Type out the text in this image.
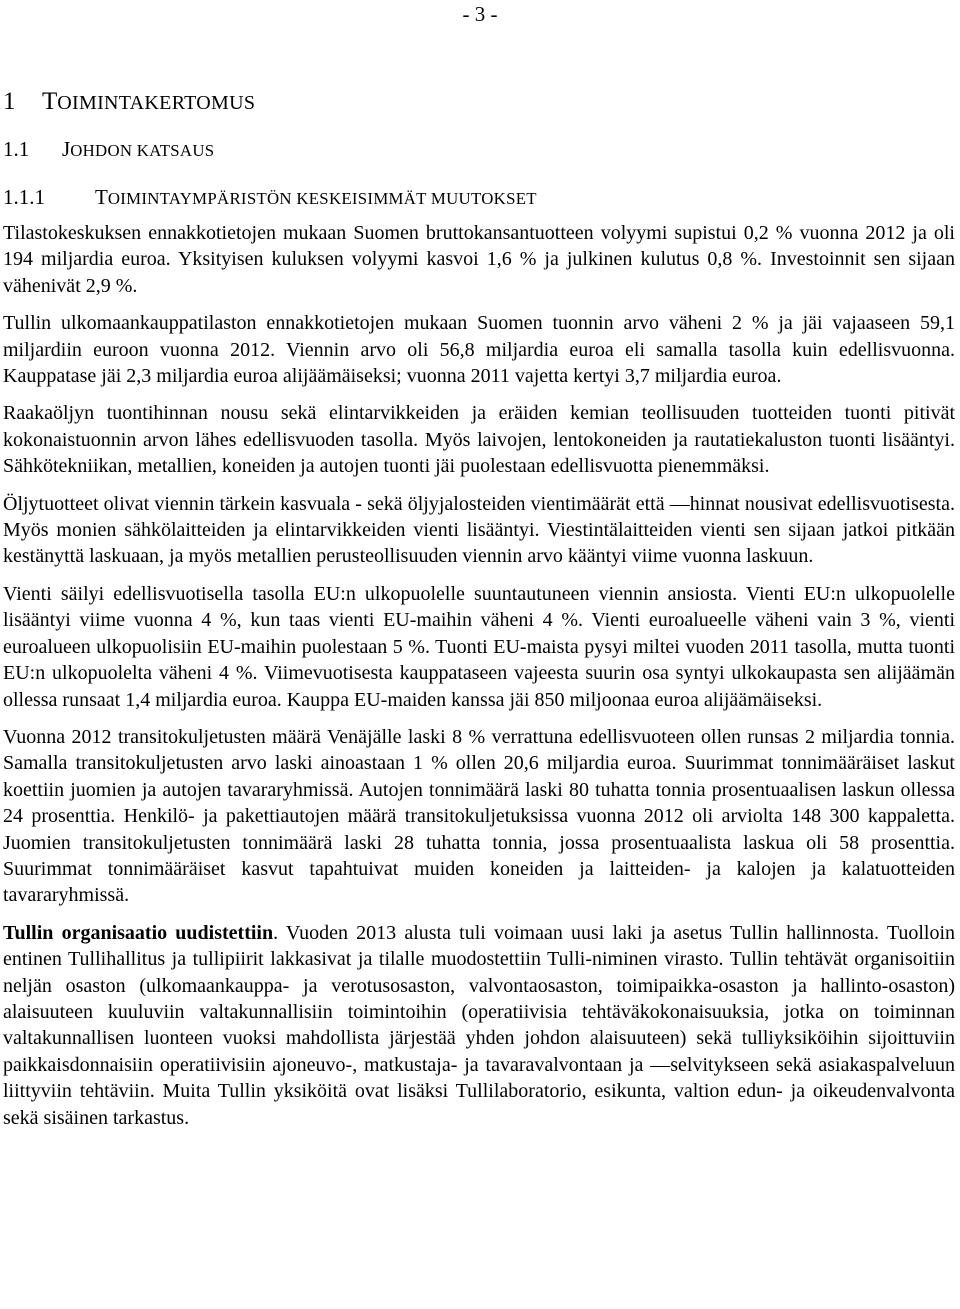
- 3 -

1	TOIMINTAKERTOMUS
1.1	JOHDON KATSAUS
1.1.1	TOIMINTAYMPÄRISTÖN KESKEISIMMÄT MUUTOKSET

Tilastokeskuksen ennakkotietojen mukaan Suomen bruttokansantuotteen volyymi supistui 0,2 % vuonna 2012 ja oli 194 miljardia euroa. Yksityisen kuluksen volyymi kasvoi 1,6 % ja julkinen kulutus 0,8 %. Investoinnit sen sijaan vähenivät 2,9 %.

Tullin ulkomaankauppatilaston ennakkotietojen mukaan Suomen tuonnin arvo väheni 2 % ja jäi vajaaseen 59,1 miljardiin euroon vuonna 2012. Viennin arvo oli 56,8 miljardia euroa eli samalla tasolla kuin edellisvuonna. Kauppatase jäi 2,3 miljardia euroa alijäämäiseksi; vuonna 2011 vajetta kertyi 3,7 miljardia euroa.

Raakaöljyn tuontihinnan nousu sekä elintarvikkeiden ja eräiden kemian teollisuuden tuotteiden tuonti pitivät kokonaistuonnin arvon lähes edellisvuoden tasolla. Myös laivojen, lentokoneiden ja rautatiekaluston tuonti lisääntyi. Sähkötekniikan, metallien, koneiden ja autojen tuonti jäi puolestaan edellisvuotta pienemmäksi.

Öljytuotteet olivat viennin tärkein kasvuala - sekä öljyjalosteiden vientimäärät että —hinnat nousivat edellisvuotisesta. Myös monien sähkölaitteiden ja elintarvikkeiden vienti lisääntyi. Viestintälaitteiden vienti sen sijaan jatkoi pitkään kestänyttä laskuaan, ja myös metallien perusteollisuuden viennin arvo kääntyi viime vuonna laskuun.

Vienti säilyi edellisvuotisella tasolla EU:n ulkopuolelle suuntautuneen viennin ansiosta. Vienti EU:n ulkopuolelle lisääntyi viime vuonna 4 %, kun taas vienti EU-maihin väheni 4 %. Vienti euroalueelle väheni vain 3 %, vienti euroalueen ulkopuolisiin EU-maihin puolestaan 5 %. Tuonti EU-maista pysyi miltei vuoden 2011 tasolla, mutta tuonti EU:n ulkopuolelta väheni 4 %. Viimevuotisesta kauppataseen vajeesta suurin osa syntyi ulkokaupasta sen alijäämän ollessa runsaat 1,4 miljardia euroa. Kauppa EU-maiden kanssa jäi 850 miljoonaa euroa alijäämäiseksi.

Vuonna 2012 transitokuljetusten määrä Venäjälle laski 8 % verrattuna edellisvuoteen ollen runsas 2 miljardia tonnia. Samalla transitokuljetusten arvo laski ainoastaan 1 % ollen 20,6 miljardia euroa. Suurimmat tonnimääräiset laskut koettiin juomien ja autojen tavararyhmissä. Autojen tonnimäärä laski 80 tuhatta tonnia prosentuaalisen laskun ollessa 24 prosenttia. Henkilö- ja pakettiautojen määrä transitokuljetuksissa vuonna 2012 oli arviolta 148 300 kappaletta. Juomien transitokuljetusten tonnimäärä laski 28 tuhatta tonnia, jossa prosentuaalista laskua oli 58 prosenttia. Suurimmat tonnimääräiset kasvut tapahtuivat muiden koneiden ja laitteiden- ja kalojen ja kalatuotteiden tavararyhmissä.

Tullin organisaatio uudistettiin. Vuoden 2013 alusta tuli voimaan uusi laki ja asetus Tullin hallinnosta. Tuolloin entinen Tullihallitus ja tullipiirit lakkasivat ja tilalle muodostettiin Tulli-niminen virasto. Tullin tehtävät organisoitiin neljän osaston (ulkomaankauppa- ja verotusosaston, valvontaosaston, toimipaikka-osaston ja hallinto-osaston) alaisuuteen kuuluviin valtakunnallisiin toimintoihin (operatiivisia tehtäväkokonaisuuksia, jotka on toiminnan valtakunnallisen luonteen vuoksi mahdollista järjestää yhden johdon alaisuuteen) sekä tulliyksiköihin sijoittuviin paikkaisdonnaisiin operatiivisiin ajoneuvo-, matkustaja- ja tavaravalvontaan ja —selvitykseen sekä asiakaspalveluun liittyviin tehtäviin. Muita Tullin yksiköitä ovat lisäksi Tullilaboratorio, esikunta, valtion edun- ja oikeudenvalvonta sekä sisäinen tarkastus.
